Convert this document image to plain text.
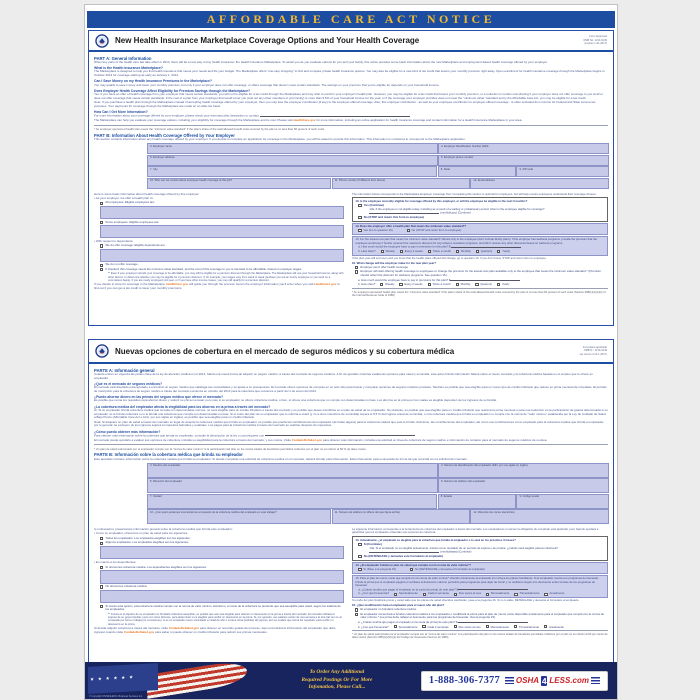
AFFORDABLE CARE ACT NOTICE
New Health Insurance Marketplace Coverage Options and Your Health Coverage	Form Approved
OMB No. 1210-0149
(expires 1-31-2017)
PART A: General Information

When key parts of the health care law take effect in 2014, there will be a new way to buy health insurance: the Health Insurance Marketplace. To assist you as you evaluate options for you and your family, this notice provides some basic information about the new Marketplace and employment-based health coverage offered by your employer.

What is the Health Insurance Marketplace?

The Marketplace is designed to help you find health insurance that meets your needs and fits your budget. The Marketplace offers "one-stop shopping" to find and compare private health insurance options. You may also be eligible for a new kind of tax credit that lowers your monthly premium right away. Open enrollment for health insurance coverage through the Marketplace begins in October 2013 for coverage starting as early as January 1, 2014.

Can I Save Money on my Health Insurance Premiums in the Marketplace?

You may qualify to save money and lower your monthly premium, but only if your employer does not offer coverage, or offers coverage that doesn't meet certain standards. The savings on your premium that you're eligible for depends on your household income.

Does Employer Health Coverage Affect Eligibility for Premium Savings through the Marketplace?

Yes. If you have an offer of health coverage from your employer that meets certain standards, you will not be eligible for a tax credit through the Marketplace and may wish to enroll in your employer's health plan. However, you may be eligible for a tax credit that lowers your monthly premium, or a reduction in certain cost-sharing if your employer does not offer coverage to you at all or does not offer coverage that meets certain standards. If the cost of a plan from your employer that would cover you (and not any other members of your family) is more than 9.5% of your household income for the year, or if the coverage your employer provides does not meet the "minimum value" standard set by the Affordable Care Act, you may be eligible for a tax credit.

Note: If you purchase a health plan through the Marketplace instead of accepting health coverage offered by your employer, then you may lose the employer contribution (if any) to the employer-offered coverage. Also, this employer contribution - as well as your employee contribution to employer-offered coverage - is often excluded from income for Federal and State income tax purposes. Your payments for coverage through the Marketplace are made on an after-tax basis.

How Can I Get More Information?

For more information about your coverage offered by your employer, please check your summary plan description or contact

The Marketplace can help you evaluate your coverage options, including your eligibility for coverage through the Marketplace and its cost. Please visit HealthCare.gov for more information, including an online application for health insurance coverage and contact information for a Health Insurance Marketplace in your area.

* An employer-sponsored health plan meets the "minimum value standard" if the plan's share of the total allowed benefit costs covered by the plan is no less than 60 percent of such costs.
PART B: Information About Health Coverage Offered by Your Employer

This section contains information about any health coverage offered by your employer. If you decide to complete an application for coverage in the Marketplace, you will be asked to provide this information. This information is numbered to correspond to the Marketplace application.

3. Employer name	4. Employer Identification Number (EIN)
5. Employer address	6. Employer phone number
7. City	8. State	9. ZIP code
10. Who can we contact about employee health coverage at this job?	11. Phone number (if different from above)	12. Email address

Here is some basic information about health coverage offered by this employer:

• As your employer, we offer a health plan to:

All employees. Eligible employees are:
Some employees. Eligible employees are:

• With respect to dependents:

We do offer coverage. Eligible dependents are:
We do not offer coverage.
If checked, this coverage meets the minimum value standard, and the cost of this coverage to you is intended to be affordable, based on employer wages.

** Even if your employer intends your coverage to be affordable, you may still be eligible for a premium discount through the Marketplace. The Marketplace will use your household income, along with other factors, to determine whether you may be eligible for a premium discount. If, for example, your wages vary from week to week (perhaps you are an hourly employee or you work on a commission basis), if you are newly employed mid-year, or if you have other income losses, you may still qualify for a premium discount.

If you decide to shop for coverage in the Marketplace, HealthCare.gov will guide you through the process. Here's the employer information you'll enter when you visit HealthCare.gov to find out if you can get a tax credit to lower your monthly premiums.

The information below corresponds to the Marketplace Employer Coverage Tool. Completing this section is optional for employers, but will help ensure employees understand their coverage choices.

13. Is the employee currently eligible for coverage offered by this employer, or will the employee be eligible in the next 3 months?
Yes (Continue)
13a. If the employee is not eligible today, including as a result of a waiting or probationary period, when is the employee eligible for coverage?  (mm/dd/yyyy) (Continue)
No (STOP and return this form to employee)
14. Does the employer offer a health plan that meets the minimum value standard*?
Yes (Go to question 15)	No (STOP and return form to employee)
15. For the lowest-cost plan that meets the minimum value standard* offered only to the employee (don't include family plans): If the employer has wellness programs, provide the premium that the employee would pay if he/she received the maximum discount for any tobacco cessation programs, and didn't receive any other discounts based on wellness programs.
a. How much would the employee have to pay in premiums for this plan? $
b. How often?	Weekly	Every 2 weeks	Twice a month	Monthly	Quarterly	Yearly

If the plan year will end soon and you know that the health plans offered will change, go to question 16. If you don't know, STOP and return form to employee.

16. What change will the employer make for the new plan year?
Employer won't offer health coverage
Employer will start offering health coverage to employees or change the premium for the lowest-cost plan available only to the employee that meets the minimum value standard.* (Premium should reflect the discount for wellness programs. See question 15.)
a. How much would the employee have to pay in premiums for this plan? $
b. How often?	Weekly	Every 2 weeks	Twice a month	Monthly	Quarterly	Yearly
* An employer-sponsored health plan meets the "minimum value standard" if the plan's share of the total allowed benefit costs covered by the plan is no less than 60 percent of such costs (Section 36B(c)(2)(C)(ii) of the Internal Revenue Code of 1986)
Nuevas opciones de cobertura en el mercado de seguros médicos y su cobertura médica	Formulario aprobado
OMB N.º 1210-0149
(se vence el 31-1-2017)
PARTE A: Información general

Cuando entren en vigencia las partes clave de la ley de atención médica en el 2014, habrá una nueva forma de adquirir un seguro médico: a través del mercado de seguros médicos. A fin de ayudarlo mientras evalúa las opciones para usted y su familia, este aviso brinda información básica sobre el nuevo mercado y la cobertura médica basada en el empleo que le ofrece su empleador.

¿Qué es el mercado de seguros médicos?

El mercado está diseñado para ayudarlo a encontrar un seguro médico que satisfaga sus necesidades y se ajuste a su presupuesto. El mercado ofrece opciones de compras en un solo sitio para buscar y comparar opciones de seguros médicos privados. También es posible que sea elegible para un nuevo tipo de crédito tributario que reduce su prima mensual de inmediato. El período de inscripción para la cobertura de seguro médico a través del mercado comienza en octubre del 2013 para la cobertura que comience a partir del 1 de enero del 2014.

¿Puedo ahorrar dinero en las primas del seguro médico que ofrece el mercado?

Es posible que reúna los requisitos para ahorrar dinero y reducir su prima mensual, pero solo si su empleador no ofrece cobertura médica, o bien, si ofrece una cobertura que no cumple con determinadas normas. Los ahorros en la prima por los cuales es elegible dependen de los ingresos de su familia.

¿La cobertura médica del empleador afecta la elegibilidad para los ahorros en la prima a través del mercado?

Sí. Si su empleador brinda cobertura médica que cumpla con determinadas normas, no será elegible para un crédito tributario a través del mercado y es posible que desee inscribirse en el plan de salud de su empleador. No obstante, es posible que sea elegible para un crédito tributario que reduzca la prima mensual o para una reducción en la participación de gastos determinada si su empleador no le brinda cobertura o no le brinda una cobertura que cumpla con determinadas normas. Si el costo del plan de su empleador que lo cubriría a usted (y no a otros miembros de su familia) supera el 9.5 % del ingreso anual de su familia, o si la cobertura médica que brinda su empleador no cumple con la norma de "valor mínimo" establecida por la Ley de Cuidado de Salud a Bajo Precio (Affordable Care Act o ACA, por sus siglas en inglés), es posible que sea elegible para un crédito tributario.

Nota: Si adquiere un plan de salud a través del mercado en lugar de aceptar la cobertura médica que brinda su empleador, es posible que pierda las contribuciones del empleador (de haber alguna) para la cobertura médica que este le brinda. Asimismo, las contribuciones del empleador, así como sus contribuciones como empleado para la cobertura médica que brinda el empleador, por lo general, se excluyen de los ingresos sujetos a impuestos federales y estatales. Los pagos para la cobertura médica a través del mercado se realizan después de impuestos.

¿Cómo puedo obtener más información?

Para obtener más información sobre la cobertura que brinda su empleador, consulte la descripción de la ley o comuníquese con

El mercado puede ayudarlo a evaluar sus opciones de cobertura, incluida su elegibilidad para la cobertura a través del mercado, y sus costos. Visite CuidadoDeSalud.gov para obtener más información, incluida una solicitud en línea de cobertura de seguro médico e información de contacto para el mercado de seguros médicos de su área.

* Un plan de salud patrocinado por el empleador cumple con la "norma de valor mínimo" si la participación del plan en los costos totales de beneficios permitidos cubiertos por el plan no es inferior al 60 % de tales costos.
PARTE B: Información sobre la cobertura médica que brinda su empleador

Este apartado contiene información sobre la cobertura médica que brinda su empleador. Si decide completar una solicitud de cobertura médica en el mercado, deberá brindar esta información. Esta información está enumerada de forma tal que coincida con la solicitud del mercado.

3. Nombre del empleador	4. Número de identificación del empleador (EIN, por sus siglas en inglés)
5. Dirección del empleador	6. Número de teléfono del empleador
7. Ciudad	8. Estado	9. Código postal
10. ¿Con quién podemos comunicarnos al respecto de la cobertura médica del empleado en este trabajo?	11. Número de teléfono (si difiere del que figura arriba)	12. Dirección de correo electrónico

A continuación, presentamos información general sobre la cobertura médica que brinda este empleador:

• Como su empleador, ofrecemos un plan de salud para los siguientes:

Todos los empleados. Los empleados elegibles son los siguientes:
Algunos empleados. Los empleados elegibles son los siguientes:

• En cuanto a los dependientes:

Sí ofrecemos cobertura médica. Los dependientes elegibles son los siguientes:
No ofrecemos cobertura médica.
Si marca esta opción, esta cobertura médica cumple con la norma de valor mínimo. Asimismo, el costo de la cobertura se pretende que sea asequible para usted, según los salarios de los empleados.

** Incluso si el objetivo de su empleador es brindarle cobertura asequible, es posible que aún sea elegible para obtener un descuento en la prima a través del mercado. El mercado utilizará el ingreso de su grupo familiar, junto con otros factores, para determinar si es elegible para recibir un descuento en la prima. Si, por ejemplo, sus salarios varían de una semana a la otra (tal vez es un empleado por hora o trabaja por comisiones), si es un empleado nuevo contratado a mitad de año o si tiene otras pérdidas de ingreso, aún es posible que reúna los requisitos para recibir un descuento en la prima.

Si decide adquirir cobertura a través del mercado, visite CuidadoDeSalud.gov para obtener un recorrido guiado del proceso. Aquí encontrará la información del empleador que debe ingresar cuando visite CuidadoDeSalud.gov para saber si puede obtener un crédito tributario para reducir sus primas mensuales.

La siguiente información corresponde a la herramienta de cobertura del empleador a través del mercado. Los empleadores no tienen la obligación de completar este apartado, pero hacerlo ayudará a garantizar que los empleados entiendan sus opciones de cobertura.

13. Actualmente, ¿el empleado es elegible para la cobertura que brinda el empleador o lo será en los próximos 3 meses?
Sí (Continúe)
13a. Si el empleado no es elegible actualmente, incluso como resultado de un período de espera o de prueba, ¿cuándo será elegible para la cobertura?  (mm/dd/aaaa) (Continúe)
No (DETÉNGASE y devuelva este formulario al empleado)
14. ¿El empleador brinda un plan de salud que cumpla con la norma de valor mínimo*?
Sí (Pase a la pregunta 15)	No (DETÉNGASE y devuelva el formulario al empleado)
15. Para el plan de menor costo que cumpla con la norma de valor mínimo* ofrecido únicamente al empleado (no incluya los planes familiares): Si el empleador cuenta con programas de bienestar, brinde la prima que el empleado pagaría si recibiera el descuento máximo permitido para programas para dejar de fumar y no recibiera ningún otro descuento sobre la base de los programas de bienestar.
a. ¿Cuánto tendría que pagar el empleado en la cuota (la prima) de este plan? $
b. ¿Con qué frecuencia?	Semanalmente	Cada 2 semanas	Dos veces al mes	Mensualmente	Trimestralmente	Anualmente

Si el año del plan finalizará pronto y usted sabe que los planes de salud ofrecidos cambiarán, pase a la pregunta 16. Si no lo sabe, DETÉNGASE y devuelva el formulario al empleado.

16. ¿Qué modificación hará el empleador para el nuevo año del plan?
El empleador no brindará cobertura médica.
El empleador comenzará a brindar cobertura médica a los empleados o modificará la prima para el plan de menor costo disponible únicamente para el empleado que cumpla con la norma de valor mínimo.* (La prima debe reflejar el descuento para los programas de bienestar. Vea la pregunta 15).
a. ¿Cuánto tendría que pagar el empleado en la cuota (la prima) de este plan? $
b. ¿Con qué frecuencia?	Semanalmente	Cada 2 semanas	Dos veces al mes	Mensualmente	Trimestralmente	Anualmente
* Un plan de salud patrocinado por el empleador cumple con la "norma de valor mínimo" si la participación del plan en los costos totales de beneficios permitidos cubiertos por el plan no es inferior al 60 por ciento de tales costos (Sección 36B(c)(2)(C)(ii) del Código de Impuestos Internos de 1986).
★ ★ ★ ★ ★ ★ ★ ★ ★ ★ ★ ★ ★ ★ ★ ★ ★ ★ ★ ★ ★ ★
© Copyright OSHA4LESS / Business Services Inc.
To Order Any Additional
Required Postings Or For More
Infomation, Please Call...
1-888-306-7377 OSHA 4 LESS.com
